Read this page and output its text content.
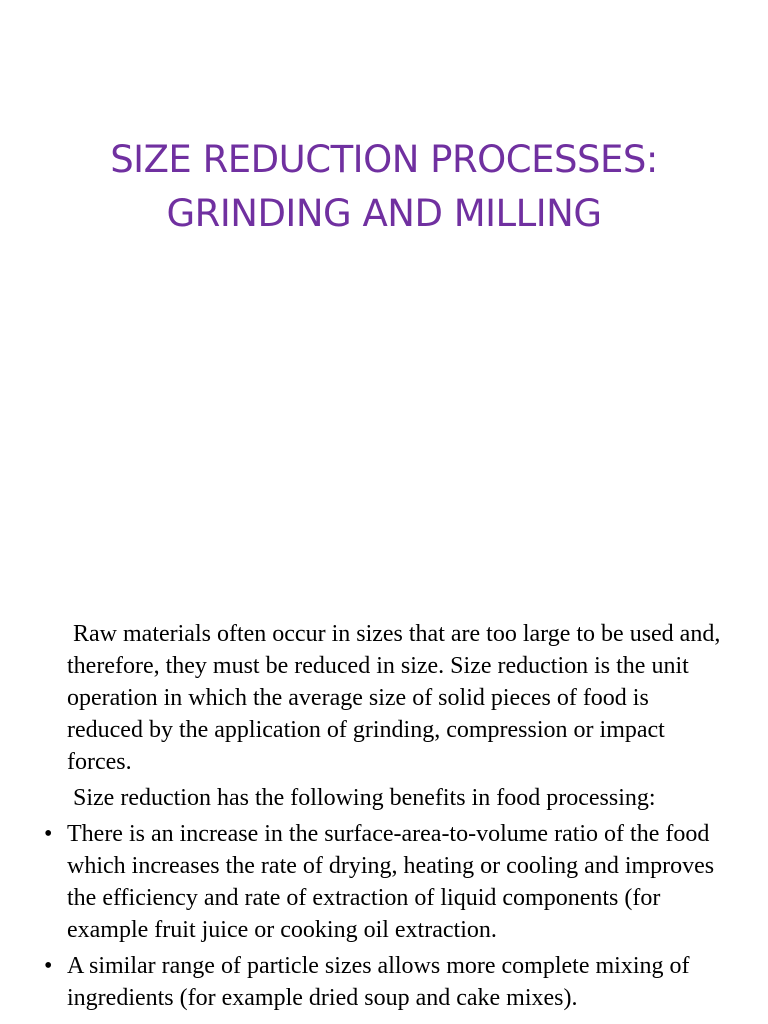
SIZE REDUCTION PROCESSES:
GRINDING AND MILLING

Raw materials often occur in sizes that are too large to be used and, therefore, they must be reduced in size. Size reduction is the unit operation in which the average size of solid pieces of food is reduced by the application of grinding, compression or impact forces.

Size reduction has the following benefits in food processing:

• There is an increase in the surface-area-to-volume ratio of the food which increases the rate of drying, heating or cooling and improves the efficiency and rate of extraction of liquid components (for example fruit juice or cooking oil extraction.
• A similar range of particle sizes allows more complete mixing of ingredients (for example dried soup and cake mixes).
